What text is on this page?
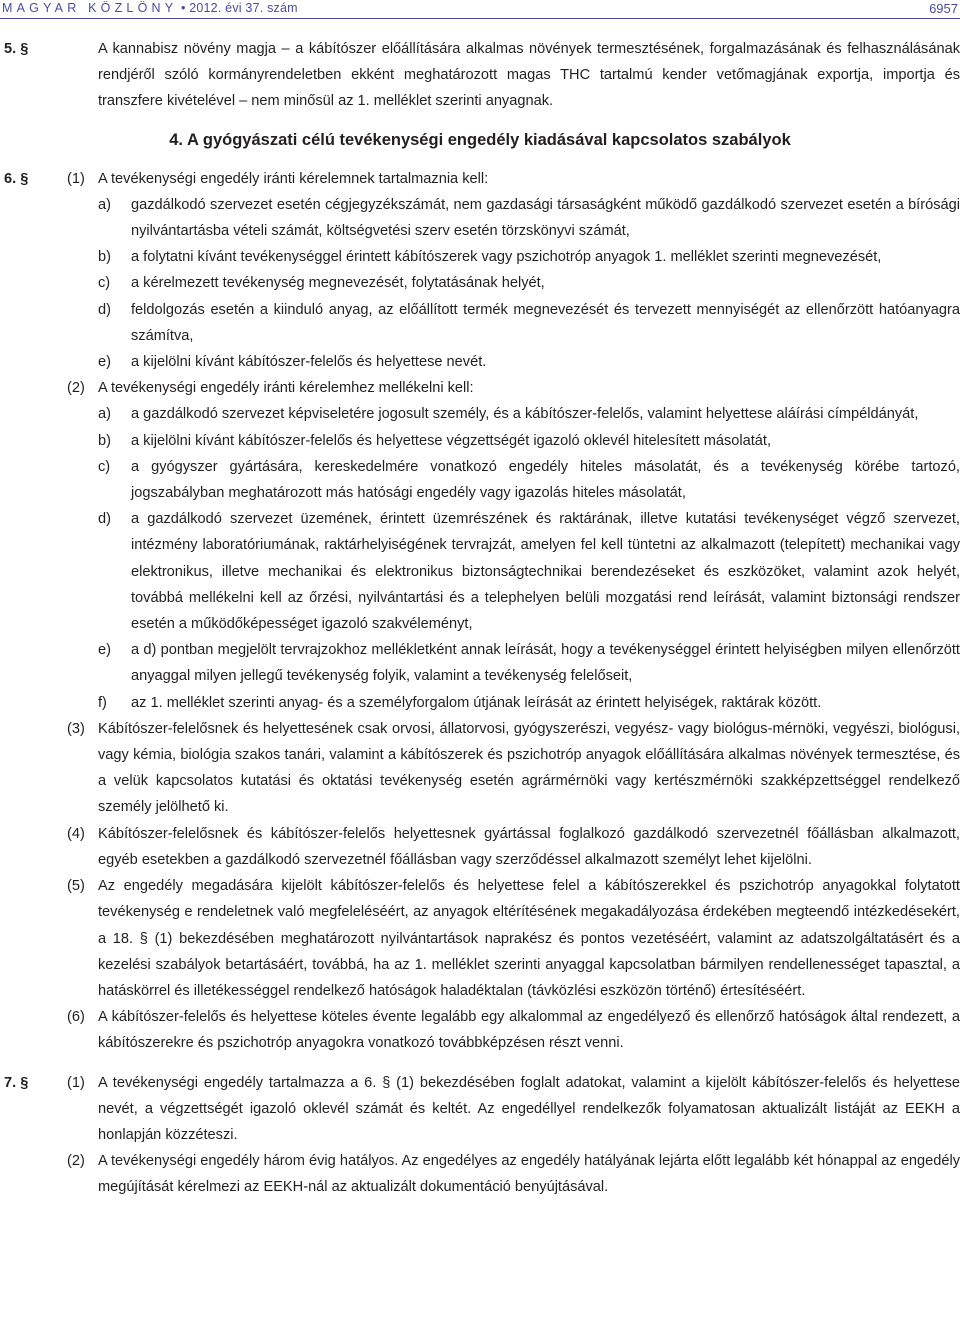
MAGYAR KÖZLÖNY • 2012. évi 37. szám	6957
5. §	A kannabisz növény magja – a kábítószer előállítására alkalmas növények termesztésének, forgalmazásának és felhasználásának rendjéről szóló kormányrendeletben ekként meghatározott magas THC tartalmú kender vetőmagjának exportja, importja és transzfere kivételével – nem minősül az 1. melléklet szerinti anyagnak.
4. A gyógyászati célú tevékenységi engedély kiadásával kapcsolatos szabályok
6. §	(1) A tevékenységi engedély iránti kérelemnek tartalmaznia kell:
a) gazdálkodó szervezet esetén cégjegyzékszámát, nem gazdasági társaságként működő gazdálkodó szervezet esetén a bírósági nyilvántartásba vételi számát, költségvetési szerv esetén törzskönyvi számát,
b) a folytatni kívánt tevékenységgel érintett kábítószerek vagy pszichotróp anyagok 1. melléklet szerinti megnevezését,
c) a kérelmezett tevékenység megnevezését, folytatásának helyét,
d) feldolgozás esetén a kiinduló anyag, az előállított termék megnevezését és tervezett mennyiségét az ellenőrzött hatóanyagra számítva,
e) a kijelölni kívánt kábítószer-felelős és helyettese nevét.
(2) A tevékenységi engedély iránti kérelemhez mellékelni kell:
a) a gazdálkodó szervezet képviseletére jogosult személy, és a kábítószer-felelős, valamint helyettese aláírási címpéldányát,
b) a kijelölni kívánt kábítószer-felelős és helyettese végzettségét igazoló oklevél hitelesített másolatát,
c) a gyógyszer gyártására, kereskedelmére vonatkozó engedély hiteles másolatát, és a tevékenység körébe tartozó, jogszabályban meghatározott más hatósági engedély vagy igazolás hiteles másolatát,
d) a gazdálkodó szervezet üzemének, érintett üzemrészének és raktárának, illetve kutatási tevékenységet végző szervezet, intézmény laboratóriumának, raktárhelyiségének tervrajzát, amelyen fel kell tüntetni az alkalmazott (telepített) mechanikai vagy elektronikus, illetve mechanikai és elektronikus biztonságtechnikai berendezéseket és eszközöket, valamint azok helyét, továbbá mellékelni kell az őrzési, nyilvántartási és a telephelyen belüli mozgatási rend leírását, valamint biztonsági rendszer esetén a működőképességet igazoló szakvéleményt,
e) a d) pontban megjelölt tervrajzokhoz mellékletként annak leírását, hogy a tevékenységgel érintett helyiségben milyen ellenőrzött anyaggal milyen jellegű tevékenység folyik, valamint a tevékenység felelőseit,
f) az 1. melléklet szerinti anyag- és a személyforgalom útjának leírását az érintett helyiségek, raktárak között.
(3) Kábítószer-felelősnek és helyettesének csak orvosi, állatorvosi, gyógyszerészi, vegyész- vagy biológus-mérnöki, vegyészi, biológusi, vagy kémia, biológia szakos tanári, valamint a kábítószerek és pszichotróp anyagok előállítására alkalmas növények termesztése, és a velük kapcsolatos kutatási és oktatási tevékenység esetén agrármérnöki vagy kertészmérnöki szakképzettséggel rendelkező személy jelölhető ki.
(4) Kábítószer-felelősnek és kábítószer-felelős helyettesnek gyártással foglalkozó gazdálkodó szervezetnél főállásban alkalmazott, egyéb esetekben a gazdálkodó szervezetnél főállásban vagy szerződéssel alkalmazott személyt lehet kijelölni.
(5) Az engedély megadására kijelölt kábítószer-felelős és helyettese felel a kábítószerekkel és pszichotróp anyagokkal folytatott tevékenység e rendeletnek való megfeleléséért, az anyagok eltérítésének megakadályozása érdekében megteendő intézkedésekért, a 18. § (1) bekezdésében meghatározott nyilvántartások naprakész és pontos vezetéséért, valamint az adatszolgáltatásért és a kezelési szabályok betartásáért, továbbá, ha az 1. melléklet szerinti anyaggal kapcsolatban bármilyen rendellenességet tapasztal, a hatáskörrel és illetékességgel rendelkező hatóságok haladéktalan (távközlési eszközön történő) értesítéséért.
(6) A kábítószer-felelős és helyettese köteles évente legalább egy alkalommal az engedélyező és ellenőrző hatóságok által rendezett, a kábítószerekre és pszichotróp anyagokra vonatkozó továbbképzésen részt venni.
7. §	(1) A tevékenységi engedély tartalmazza a 6. § (1) bekezdésében foglalt adatokat, valamint a kijelölt kábítószer-felelős és helyettese nevét, a végzettségét igazoló oklevél számát és keltét. Az engedéllyel rendelkezők folyamatosan aktualizált listáját az EEKH a honlapján közzéteszi.
(2) A tevékenységi engedély három évig hatályos. Az engedélyes az engedély hatályának lejárta előtt legalább két hónappal az engedély megújítását kérelmezi az EEKH-nál az aktualizált dokumentáció benyújtásával.
